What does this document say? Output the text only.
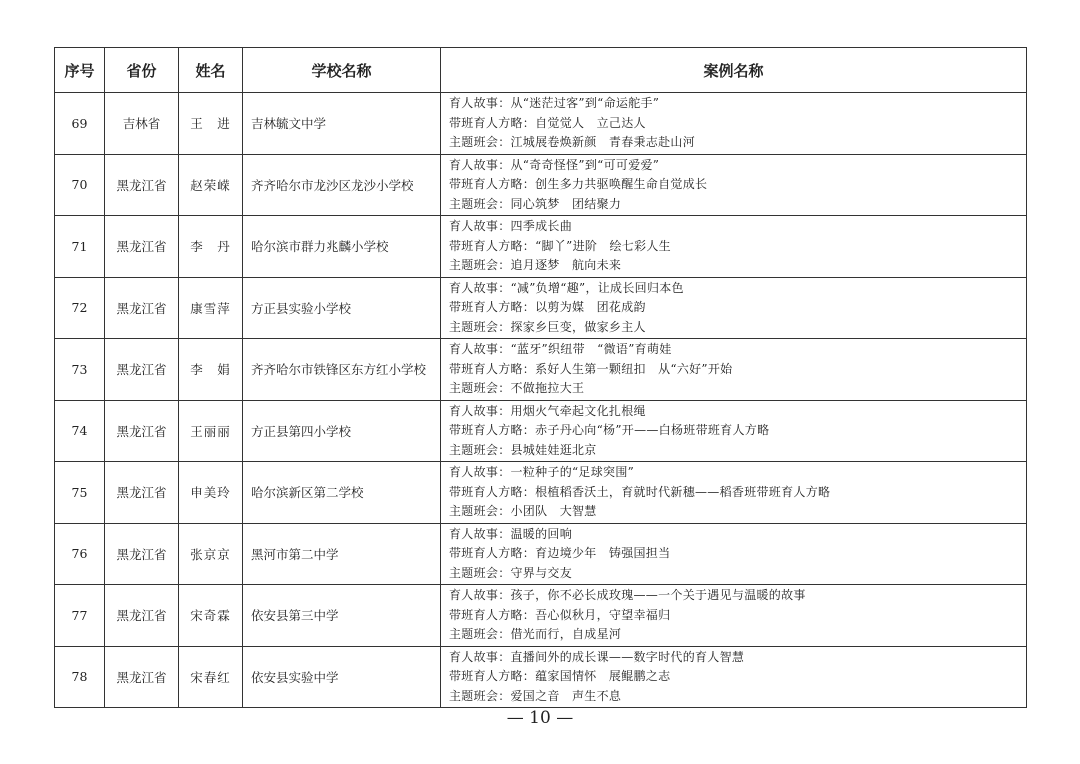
序号	省份	姓名	学校名称	案例名称
69	吉林省	王　进	吉林毓文中学	育人故事：从“迷茫过客”到“命运舵手”
带班育人方略：自觉觉人　立己达人
主题班会：江城展卷焕新颜　青春秉志赴山河

70	黑龙江省	赵荣嵘	齐齐哈尔市龙沙区龙沙小学校	育人故事：从“奇奇怪怪”到“可可爱爱”
带班育人方略：创生多力共驱唤醒生命自觉成长
主题班会：同心筑梦　团结聚力

71	黑龙江省	李　丹	哈尔滨市群力兆麟小学校	育人故事：四季成长曲
带班育人方略：“脚丫”进阶　绘七彩人生
主题班会：追月逐梦　航向未来

72	黑龙江省	康雪萍	方正县实验小学校	育人故事：“减”负增“趣”，让成长回归本色
带班育人方略：以剪为媒　团花成韵
主题班会：探家乡巨变，做家乡主人

73	黑龙江省	李　娟	齐齐哈尔市铁锋区东方红小学校	育人故事：“蓝牙”织纽带　“微语”育萌娃
带班育人方略：系好人生第一颗纽扣　从“六好”开始
主题班会：不做拖拉大王

74	黑龙江省	王丽丽	方正县第四小学校	育人故事：用烟火气牵起文化扎根绳
带班育人方略：赤子丹心向“杨”开——白杨班带班育人方略
主题班会：县城娃娃逛北京

75	黑龙江省	申美玲	哈尔滨新区第二学校	育人故事：一粒种子的“足球突围”
带班育人方略：根植稻香沃土，育就时代新穗——稻香班带班育人方略
主题班会：小团队　大智慧

76	黑龙江省	张京京	黑河市第二中学	育人故事：温暖的回响
带班育人方略：育边境少年　铸强国担当
主题班会：守界与交友

77	黑龙江省	宋奇霖	依安县第三中学	育人故事：孩子，你不必长成玫瑰——一个关于遇见与温暖的故事
带班育人方略：吾心似秋月，守望幸福归
主题班会：借光而行，自成星河

78	黑龙江省	宋春红	依安县实验中学	育人故事：直播间外的成长课——数字时代的育人智慧
带班育人方略：蕴家国情怀　展鲲鹏之志
主题班会：爱国之音　声生不息
— 10 —
